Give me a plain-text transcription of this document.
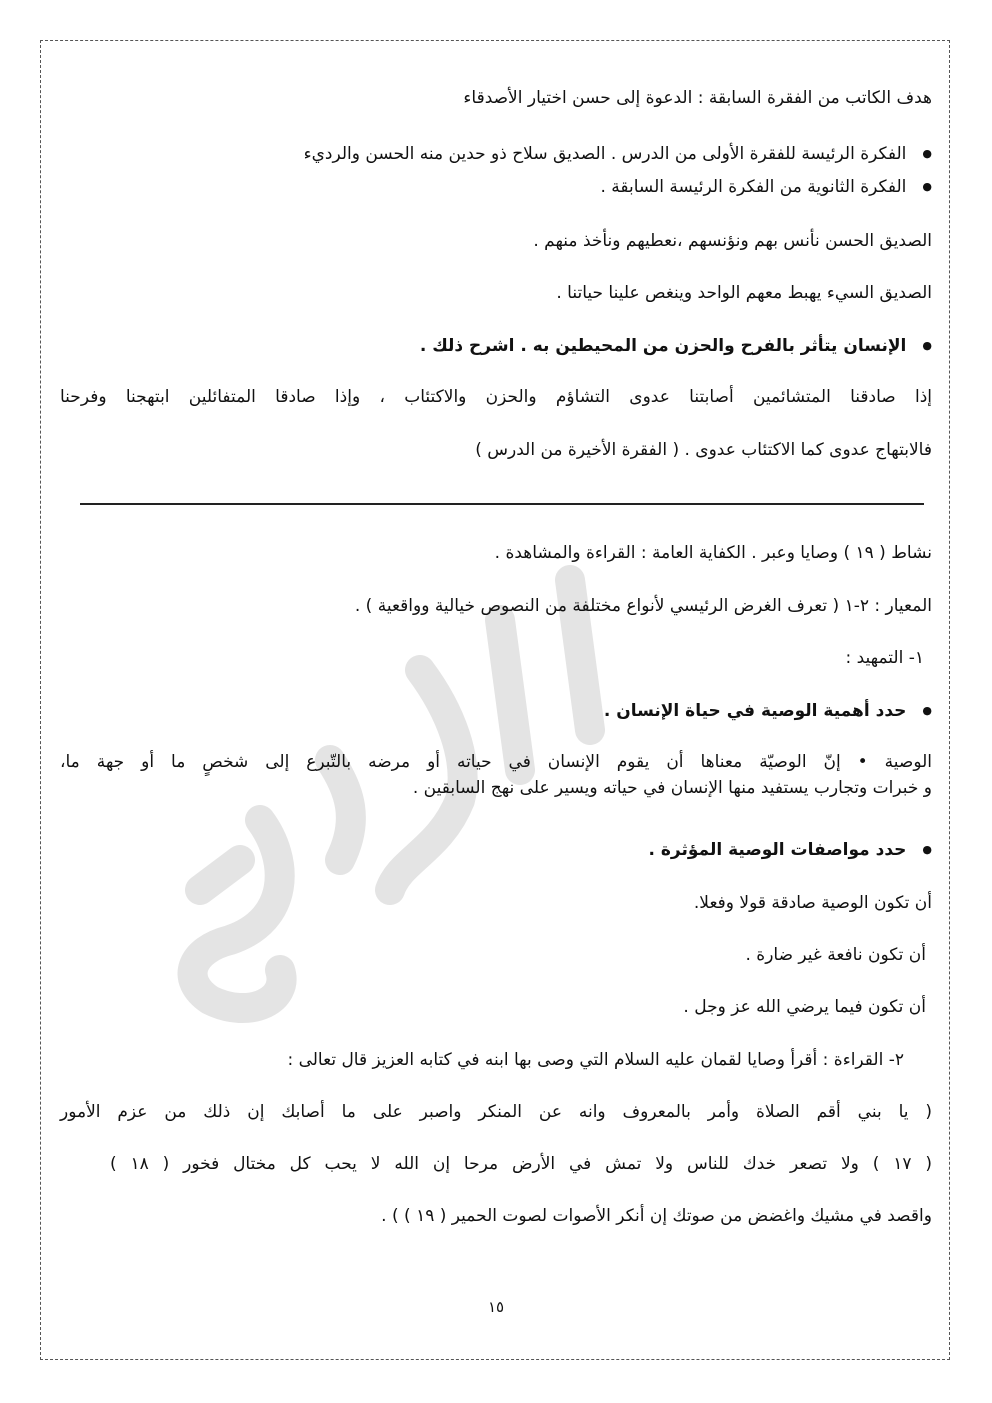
هدف الكاتب من الفقرة السابقة : الدعوة إلى حسن اختيار الأصدقاء
● الفكرة الرئيسة للفقرة الأولى من الدرس . الصديق سلاح ذو حدين منه الحسن والرديء
● الفكرة الثانوية من الفكرة الرئيسة السابقة .
الصديق الحسن نأنس بهم ونؤنسهم ،نعطيهم ونأخذ منهم .
الصديق السيء يهبط معهم الواحد وينغص علينا حياتنا .
● الإنسان يتأثر بالفرح والحزن من المحيطين به . اشرح ذلك .
إذا صادقنا المتشائمين أصابتنا عدوى التشاؤم والحزن والاكتئاب ، وإذا صادقا المتفائلين ابتهجنا وفرحنا
فالابتهاج عدوى كما الاكتئاب عدوى . ( الفقرة الأخيرة من الدرس )
نشاط ( ١٩ ) وصايا وعبر . الكفاية العامة : القراءة والمشاهدة .
المعيار : ٢-١ ( تعرف الغرض الرئيسي لأنواع مختلفة من النصوص خيالية وواقعية ) .
١- التمهيد :
● حدد أهمية الوصية في حياة الإنسان .
الوصية • إنّ الوصيّة معناها أن يقوم الإنسان في حياته أو مرضه بالتّبرع إلى شخصٍ ما أو جهة ما،
و خبرات وتجارب يستفيد منها الإنسان في حياته ويسير على نهج السابقين .
● حدد مواصفات الوصية المؤثرة .
أن تكون الوصية صادقة قولا وفعلا.
أن تكون نافعة غير ضارة .
أن تكون فيما يرضي الله عز وجل .
٢- القراءة : أقرأ وصايا لقمان عليه السلام التي وصى بها ابنه في كتابه العزيز قال تعالى :
( يا بني أقم الصلاة وأمر بالمعروف وانه عن المنكر واصبر على ما أصابك إن ذلك من عزم الأمور
( ١٧ ) ولا تصعر خدك للناس ولا تمش في الأرض مرحا إن الله لا يحب كل مختال فخور ( ١٨ )
واقصد في مشيك واغضض من صوتك إن أنكر الأصوات لصوت الحمير ( ١٩ ) ) .
١٥
